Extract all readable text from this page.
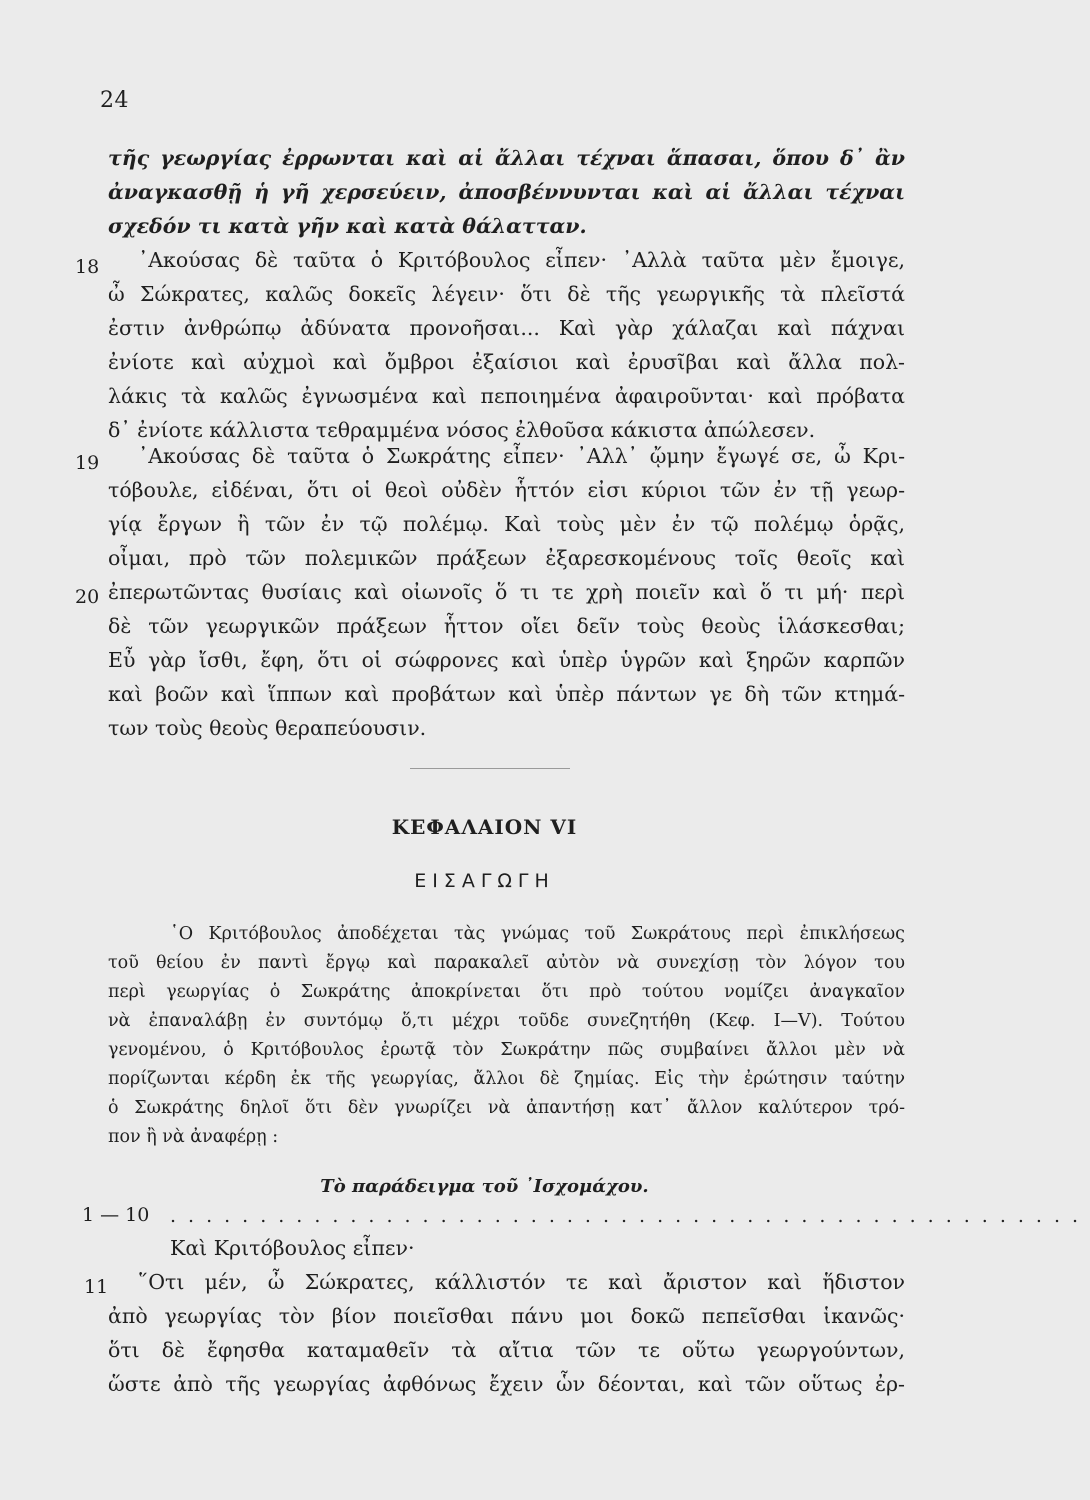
24
τῆς γεωργίας ἐρρωνται καὶ αἱ ἄλλαι τέχναι ἅπασαι, ὅπου δ᾽ ἂν
ἀναγκασθῇ ἡ γῆ χερσεύειν, ἀποσβέννυνται καὶ αἱ ἄλλαι τέχναι
σχεδόν τι κατὰ γῆν καὶ κατὰ θάλατταν.
18 ᾿Ακούσας δὲ ταῦτα ὁ Κριτόβουλος εἶπεν· ᾿Αλλὰ ταῦτα μὲν ἔμοιγε,
ὦ Σώκρατες, καλῶς δοκεῖς λέγειν· ὅτι δὲ τῆς γεωργικῆς τὰ πλεῖστά
ἐστιν ἀνθρώπῳ ἀδύνατα προνοῆσαι... Καὶ γὰρ χάλαζαι καὶ πάχναι
ἐνίοτε καὶ αὐχμοὶ καὶ ὄμβροι ἐξαίσιοι καὶ ἐρυσῖβαι καὶ ἄλλα πολ-
λάκις τὰ καλῶς ἐγνωσμένα καὶ πεποιημένα ἀφαιροῦνται· καὶ πρόβατα
δ᾽ ἐνίοτε κάλλιστα τεθραμμένα νόσος ἐλθοῦσα κάκιστα ἀπώλεσεν.
19 ᾿Ακούσας δὲ ταῦτα ὁ Σωκράτης εἶπεν· ᾿Αλλ᾽ ᾤμην ἔγωγέ σε, ὦ Κρι-
τόβουλε, εἰδέναι, ὅτι οἱ θεοὶ οὐδὲν ἧττόν εἰσι κύριοι τῶν ἐν τῇ γεωρ-
γίᾳ ἔργων ἢ τῶν ἐν τῷ πολέμῳ. Καὶ τοὺς μὲν ἐν τῷ πολέμῳ ὁρᾷς,
οἶμαι, πρὸ τῶν πολεμικῶν πράξεων ἐξαρεσκομένους τοῖς θεοῖς καὶ
20 ἐπερωτῶντας θυσίαις καὶ οἰωνοῖς ὅ τι τε χρὴ ποιεῖν καὶ ὅ τι μή· περὶ
δὲ τῶν γεωργικῶν πράξεων ἧττον οἴει δεῖν τοὺς θεοὺς ἱλάσκεσθαι;
Εὖ γὰρ ἴσθι, ἔφη, ὅτι οἱ σώφρονες καὶ ὑπὲρ ὑγρῶν καὶ ξηρῶν καρπῶν
καὶ βοῶν καὶ ἵππων καὶ προβάτων καὶ ὑπὲρ πάντων γε δὴ τῶν κτημά-
των τοὺς θεοὺς θεραπεύουσιν.
ΚΕΦΑΛΑΙΟΝ VI
ΕΙΣΑΓΩΓΗ
῾Ο Κριτόβουλος ἀποδέχεται τὰς γνώμας τοῦ Σωκράτους περὶ ἐπικλήσεως
τοῦ θείου ἐν παντὶ ἔργῳ καὶ παρακαλεῖ αὐτὸν νὰ συνεχίσῃ τὸν λόγον του
περὶ γεωργίας ὁ Σωκράτης ἀποκρίνεται ὅτι πρὸ τούτου νομίζει ἀναγκαῖον
νὰ ἐπαναλάβῃ ἐν συντόμῳ ὅ,τι μέχρι τοῦδε συνεζητήθη (Κεφ. I—V). Τούτου
γενομένου, ὁ Κριτόβουλος ἐρωτᾷ τὸν Σωκράτην πῶς συμβαίνει ἄλλοι μὲν νὰ
πορίζωνται κέρδη ἐκ τῆς γεωργίας, ἄλλοι δὲ ζημίας. Εἰς τὴν ἐρώτησιν ταύτην
ὁ Σωκράτης δηλοῖ ὅτι δὲν γνωρίζει νὰ ἀπαντήσῃ κατ᾽ ἄλλον καλύτερον τρό-
πον ἢ νὰ ἀναφέρῃ :
Τὸ παράδειγμα τοῦ ᾿Ισχομάχου.
1 — 10 ...................................................
Καὶ Κριτόβουλος εἶπεν·
11 ῞Οτι μέν, ὦ Σώκρατες, κάλλιστόν τε καὶ ἄριστον καὶ ἥδιστον
ἀπὸ γεωργίας τὸν βίον ποιεῖσθαι πάνυ μοι δοκῶ πεπεῖσθαι ἱκανῶς·
ὅτι δὲ ἔφησθα καταμαθεῖν τὰ αἴτια τῶν τε οὕτω γεωργούντων,
ὥστε ἀπὸ τῆς γεωργίας ἀφθόνως ἔχειν ὧν δέονται, καὶ τῶν οὕτως ἐρ-
